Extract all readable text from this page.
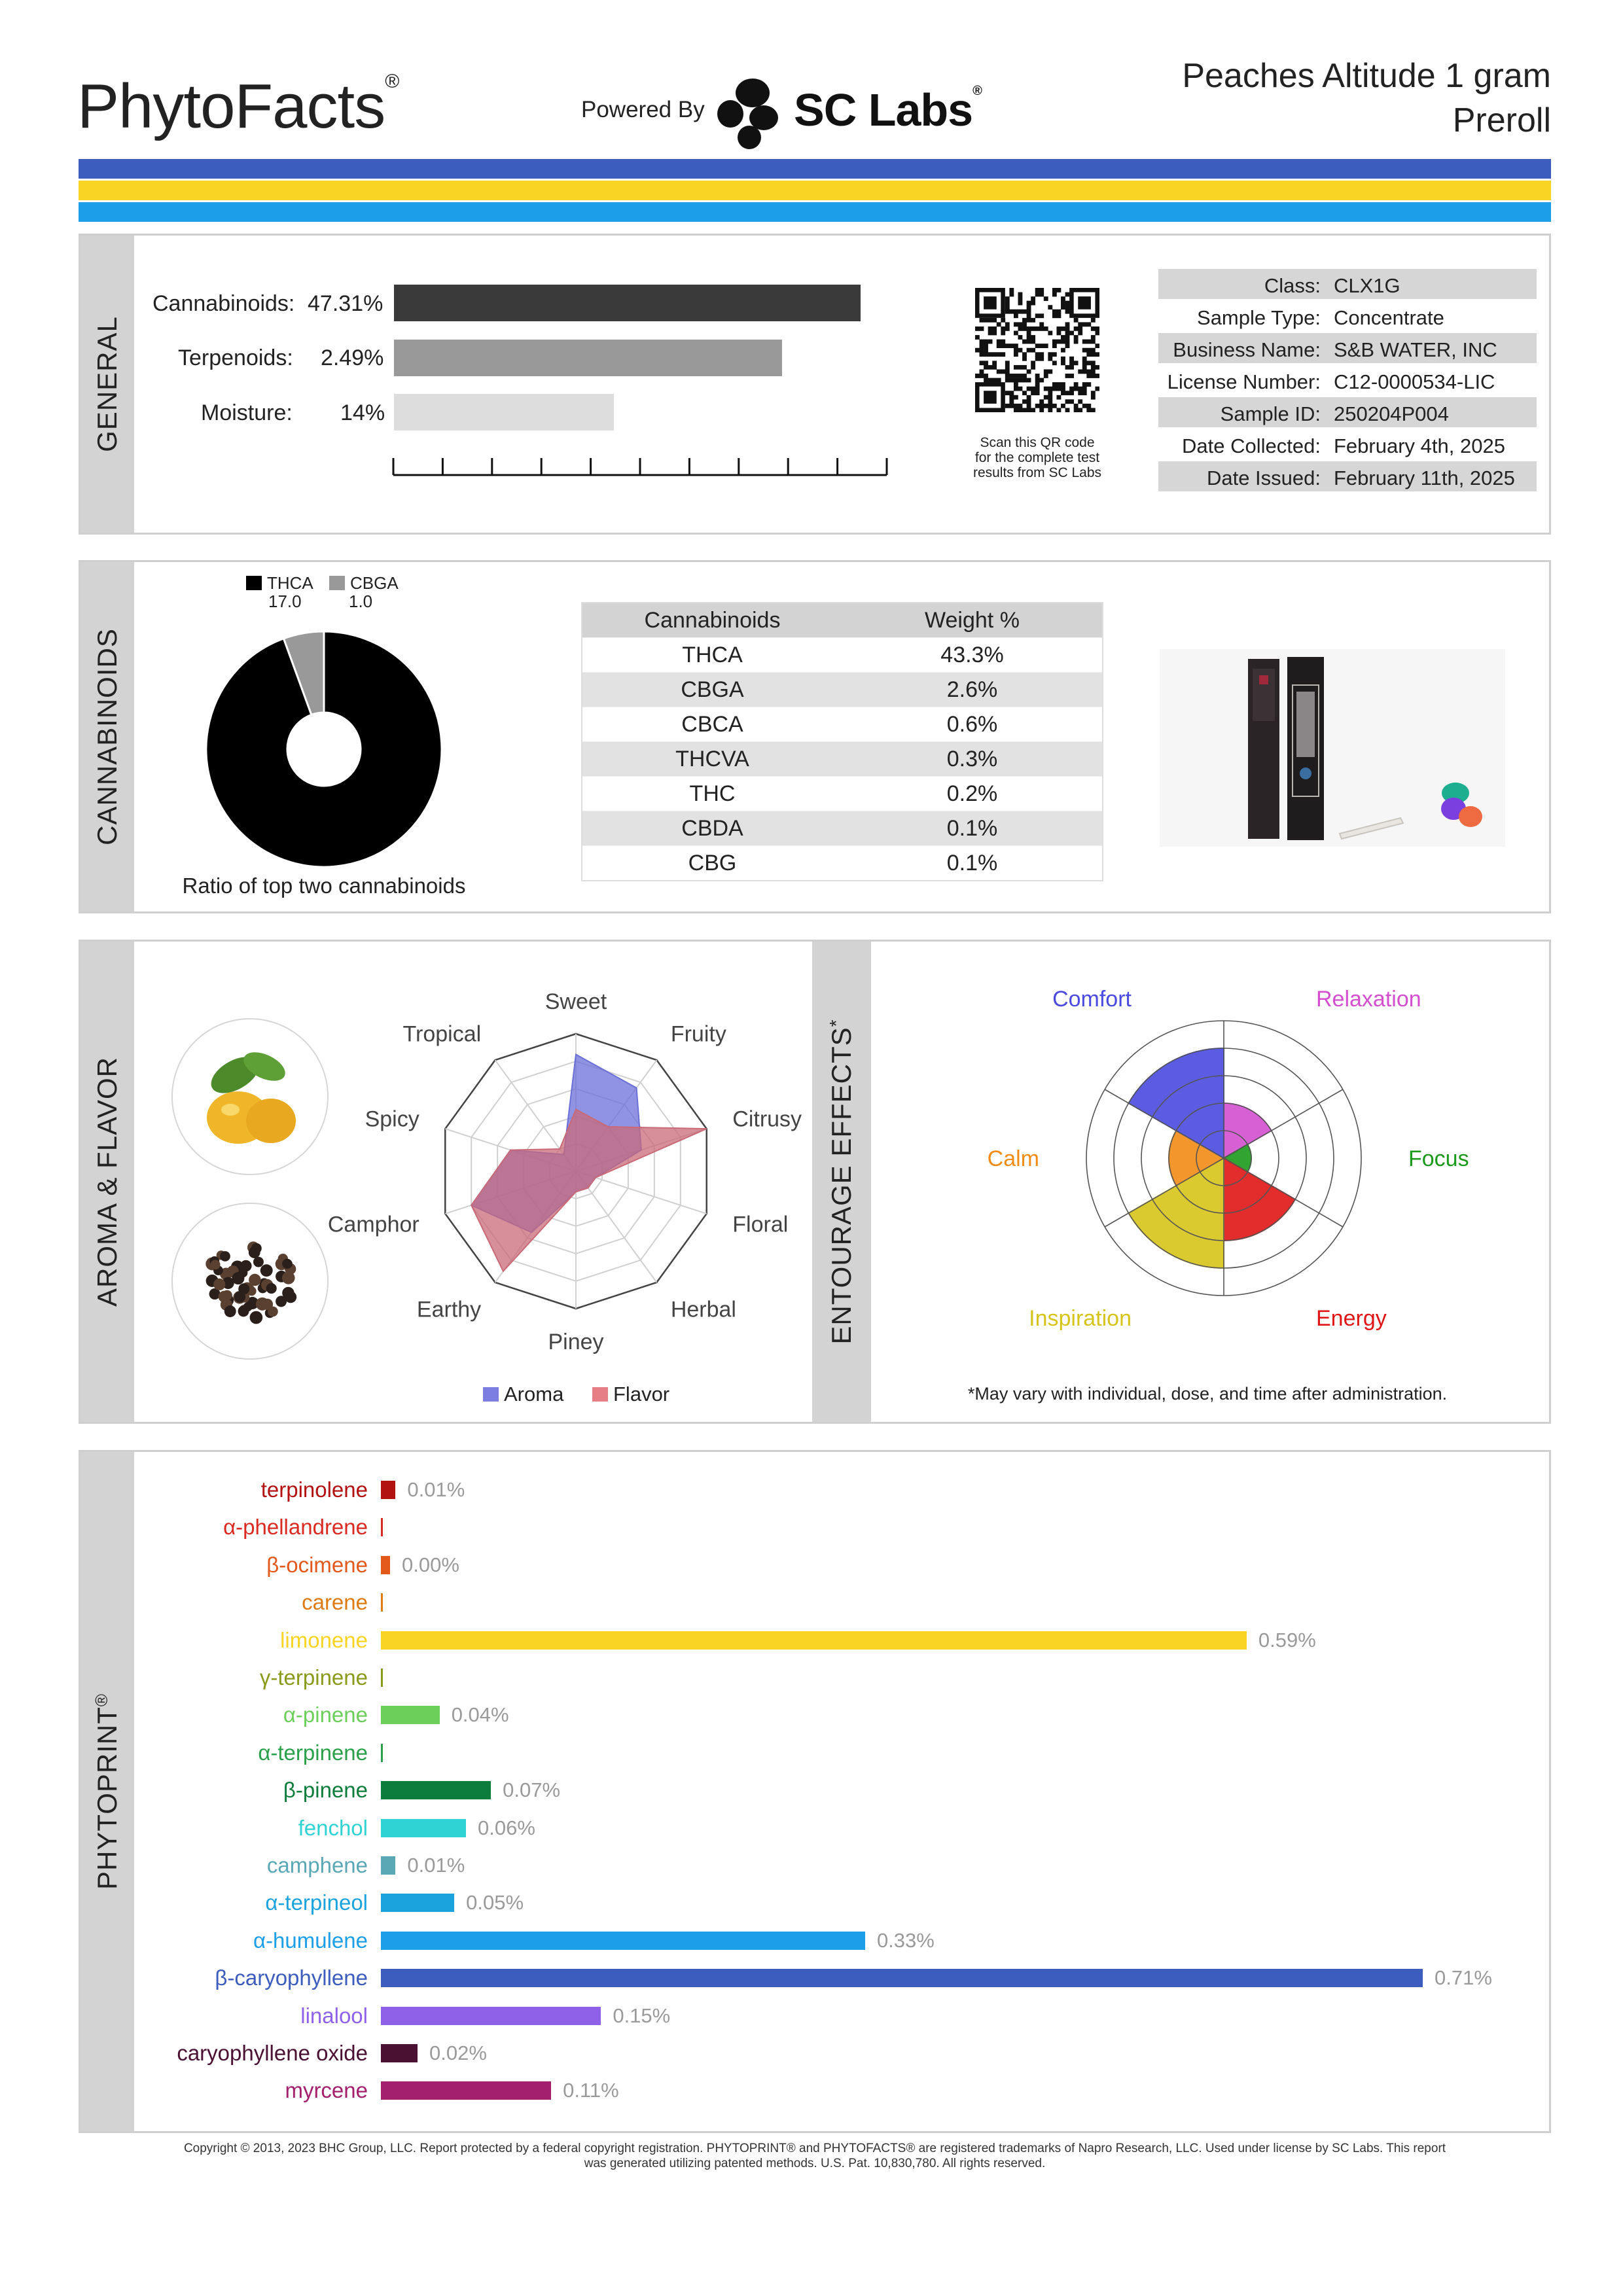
PhytoFacts®
Powered By SC Labs®	Peaches Altitude 1 gram
Preroll
GENERAL
Cannabinoids: 47.31%
Terpenoids: 2.49%
Moisture: 14%
Scan this QR code
for the complete test
results from SC Labs
Class: CLX1G
Sample Type: Concentrate
Business Name: S&B WATER, INC
License Number: C12-0000534-LIC
Sample ID: 250204P004
Date Collected: February 4th, 2025
Date Issued: February 11th, 2025
CANNABINOIDS
THCA
17.0
CBGA
1.0
Ratio of top two cannabinoids
Cannabinoids	Weight %
THCA	43.3%
CBGA	2.6%
CBCA	0.6%
THCVA	0.3%
THC	0.2%
CBDA	0.1%
CBG	0.1%
AROMA & FLAVOR	ENTOURAGE EFFECTS*
Sweet
Fruity
Citrusy
Floral
Herbal
Piney
Earthy
Camphor
Spicy
Tropical
Aroma Flavor
Relaxation
Focus
Energy
Inspiration
Calm
Comfort
*May vary with individual, dose, and time after administration.
PHYTOPRINT®
terpinolene 0.01%
α-phellandrene
β-ocimene 0.00%
carene
limonene	0.59%
γ-terpinene
α-pinene	0.04%
α-terpinene
β-pinene	0.07%
fenchol	0.06%
camphene 0.01%
α-terpineol	0.05%
α-humulene	0.33%
β-caryophyllene	0.71%
linalool	0.15%
caryophyllene oxide	0.02%
myrcene	0.11%
Copyright © 2013, 2023 BHC Group, LLC. Report protected by a federal copyright registration. PHYTOPRINT® and PHYTOFACTS® are registered trademarks of Napro Research, LLC. Used under license by SC Labs. This report
was generated utilizing patented methods. U.S. Pat. 10,830,780. All rights reserved.
